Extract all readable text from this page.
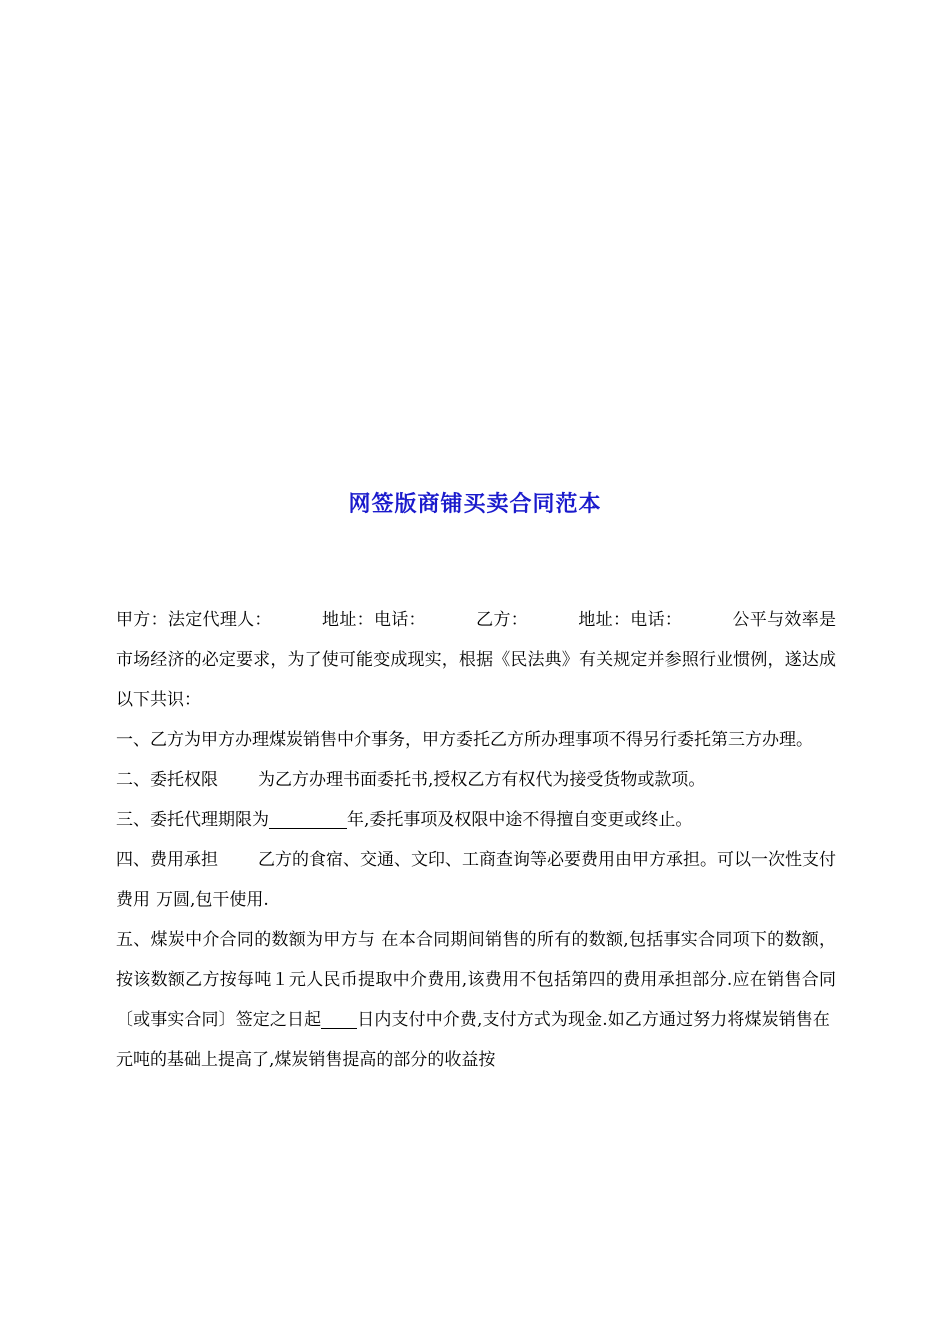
网签版商铺买卖合同范本

甲方：法定代理人：	地址：电话：	乙方：	地址：电话：	公平与效率是市场经济的必定要求，为了使可能变成现实，根据《民法典》有关规定并参照行业惯例，遂达成以下共识：

一、乙方为甲方办理煤炭销售中介事务，甲方委托乙方所办理事项不得另行委托第三方办理。

二、委托权限 为乙方办理书面委托书,授权乙方有权代为接受货物或款项。

三、委托代理期限为	年,委托事项及权限中途不得擅自变更或终止。

四、费用承担 乙方的食宿、交通、文印、工商查询等必要费用由甲方承担。可以一次性支付费用 万圆,包干使用.

五、煤炭中介合同的数额为甲方与 在本合同期间销售的所有的数额,包括事实合同项下的数额，按该数额乙方按每吨１元人民币提取中介费用,该费用不包括第四的费用承担部分.应在销售合同〔或事实合同〕签定之日起 日内支付中介费,支付方式为现金.如乙方通过努力将煤炭销售在元吨的基础上提高了,煤炭销售提高的部分的收益按
